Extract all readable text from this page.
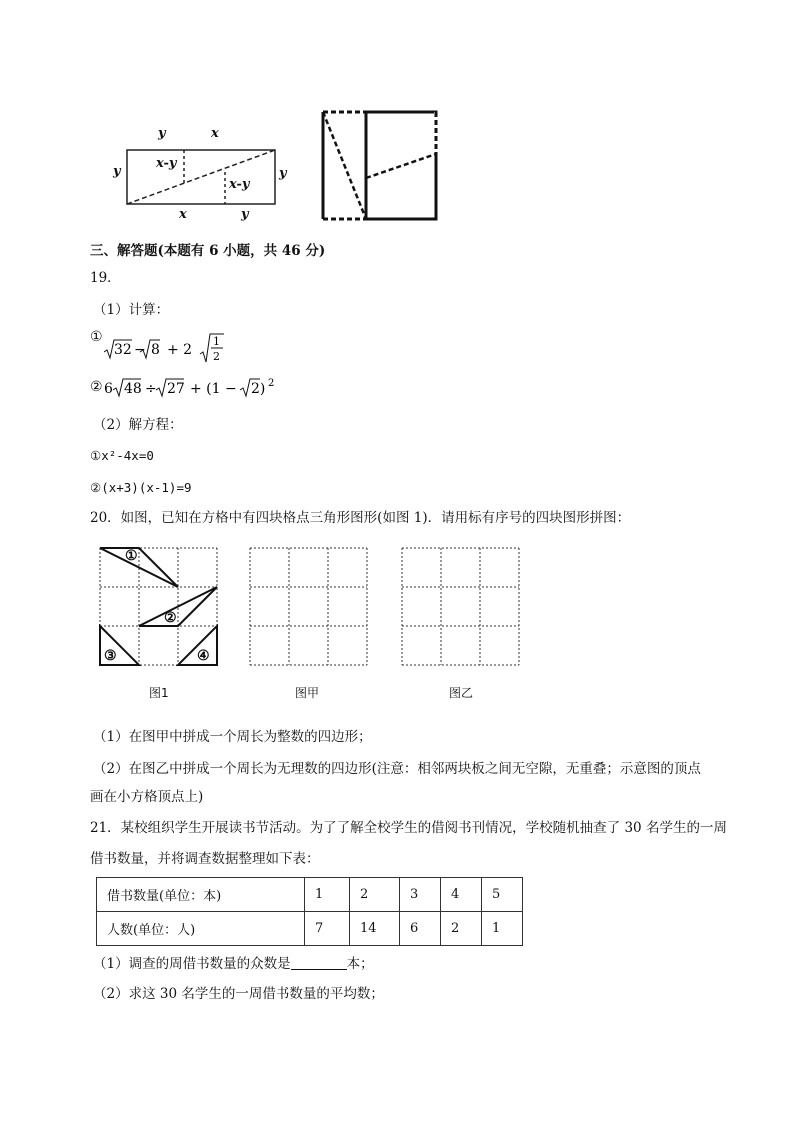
y	x
y	y
x-y
x-y
x	y
三、解答题(本题有 6 小题，共 46 分)
19．
（1）计算：
①
32 − 8 + 2
1
2
② 6 48 ÷ 27 + (1 − 2) 2
（2）解方程：
①x²-4x=0
②(x+3)(x-1)=9
20．如图，已知在方格中有四块格点三角形图形(如图 1)．请用标有序号的四块图形拼图：
①
②
③	④
图1	图甲	图乙
（1）在图甲中拼成一个周长为整数的四边形；
（2）在图乙中拼成一个周长为无理数的四边形(注意：相邻两块板之间无空隙，无重叠；示意图的顶点
画在小方格顶点上)
21．某校组织学生开展读书节活动。为了了解全校学生的借阅书刊情况，学校随机抽查了 30 名学生的一周
借书数量，并将调查数据整理如下表：
借书数量(单位：本)	1	2	3	4	5
人数(单位：人)	7	14	6	2	1
（1）调查的周借书数量的众数是	本；
（2）求这 30 名学生的一周借书数量的平均数；
